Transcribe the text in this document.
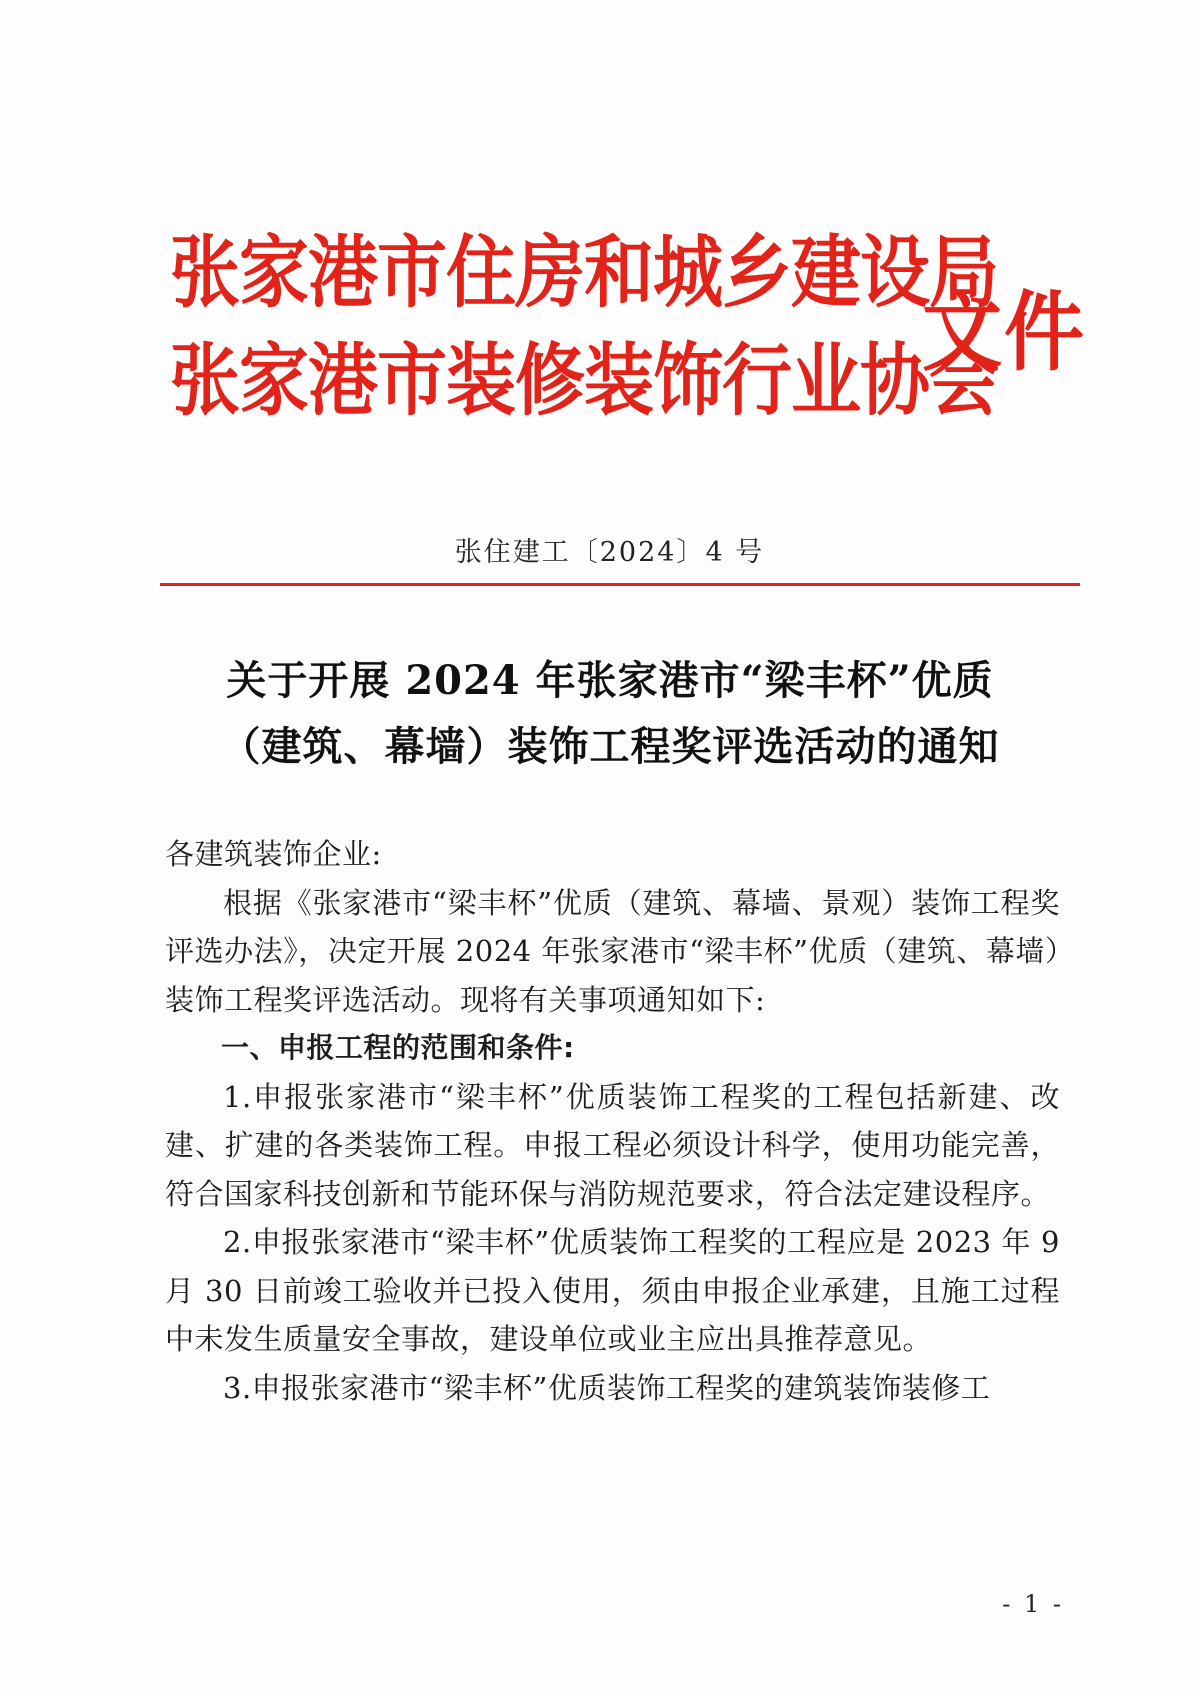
张家港市住房和城乡建设局
张家港市装修装饰行业协会
文件
张住建工〔2024〕4 号
关于开展 2024 年张家港市“梁丰杯”优质
（建筑、幕墙）装饰工程奖评选活动的通知

各建筑装饰企业:

根据《张家港市“梁丰杯”优质（建筑、幕墙、景观）装饰工程奖评选办法》，决定开展 2024 年张家港市“梁丰杯”优质（建筑、幕墙）装饰工程奖评选活动。现将有关事项通知如下:

一、申报工程的范围和条件:

1.申报张家港市“梁丰杯”优质装饰工程奖的工程包括新建、改建、扩建的各类装饰工程。申报工程必须设计科学，使用功能完善，符合国家科技创新和节能环保与消防规范要求，符合法定建设程序。

2.申报张家港市“梁丰杯”优质装饰工程奖的工程应是 2023 年 9 月 30 日前竣工验收并已投入使用，须由申报企业承建，且施工过程中未发生质量安全事故，建设单位或业主应出具推荐意见。

3.申报张家港市“梁丰杯”优质装饰工程奖的建筑装饰装修工

- 1 -
